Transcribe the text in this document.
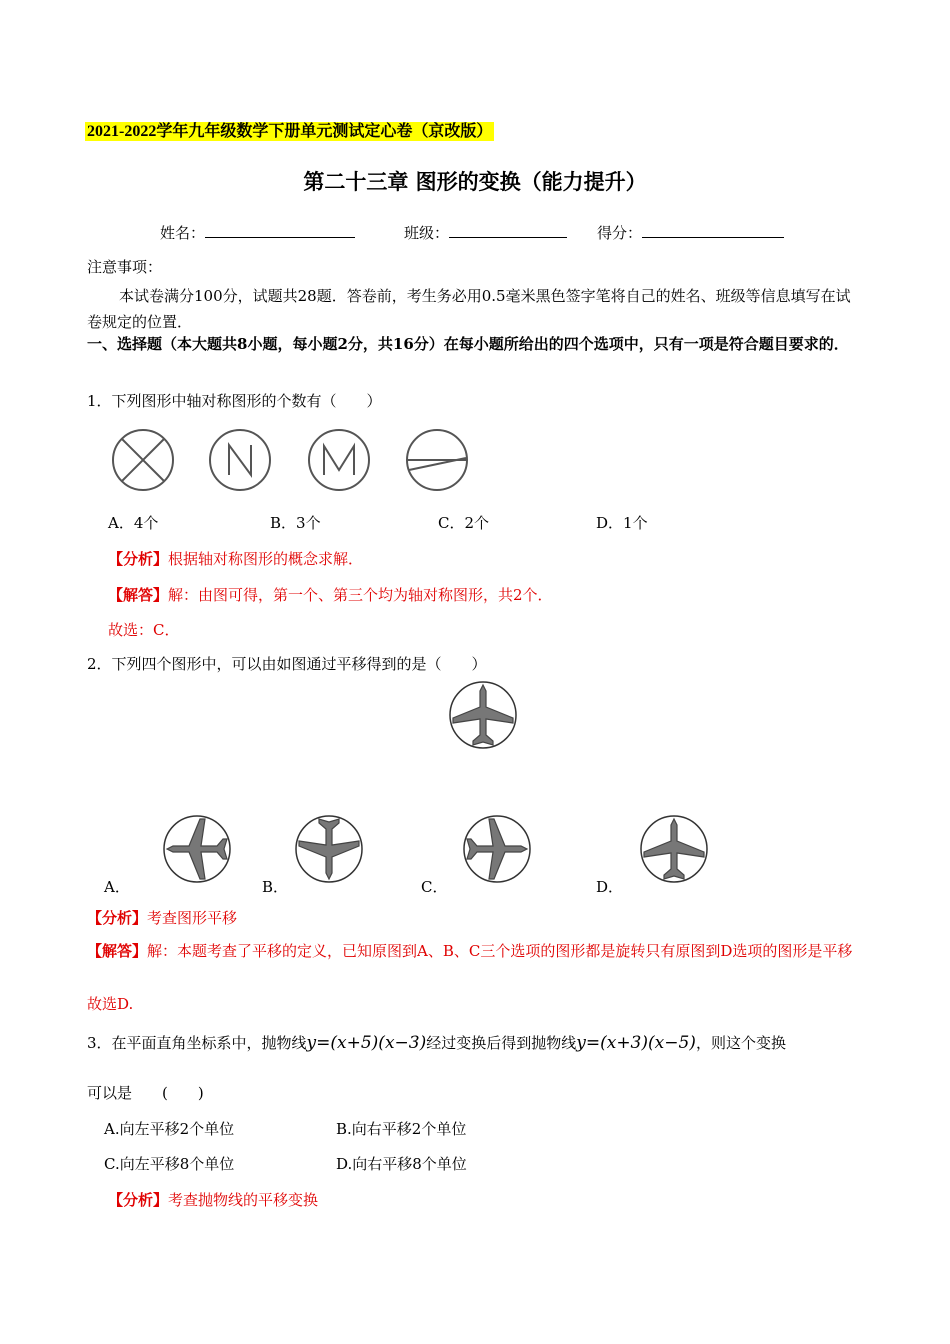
2021-2022学年九年级数学下册单元测试定心卷（京改版）
第二十三章 图形的变换（能力提升）
姓名：	班级：	得分：
注意事项：
本试卷满分100分，试题共28题．答卷前，考生务必用0.5毫米黑色签字笔将自己的姓名、班级等信息填写在试卷规定的位置．
一、选择题（本大题共8小题，每小题2分，共16分）在每小题所给出的四个选项中，只有一项是符合题目要求的．
1．下列图形中轴对称图形的个数有（　　）
A．4个	B．3个	C．2个	D．1个
【分析】根据轴对称图形的概念求解．
【解答】解：由图可得，第一个、第三个均为轴对称图形，共2个．
故选：C．
2．下列四个图形中，可以由如图通过平移得到的是（　　）
A．	B．	C．	D．
【分析】考查图形平移
【解答】解：本题考查了平移的定义，已知原图到A、B、C三个选项的图形都是旋转只有原图到D选项的图形是平移
故选D.
3．在平面直角坐标系中，抛物线y=(x+5)(x−3)经过变换后得到抛物线y=(x+3)(x−5)，则这个变换
可以是　　(　　)
A.向左平移2个单位	B.向右平移2个单位
C.向左平移8个单位	D.向右平移8个单位
【分析】考查抛物线的平移变换
